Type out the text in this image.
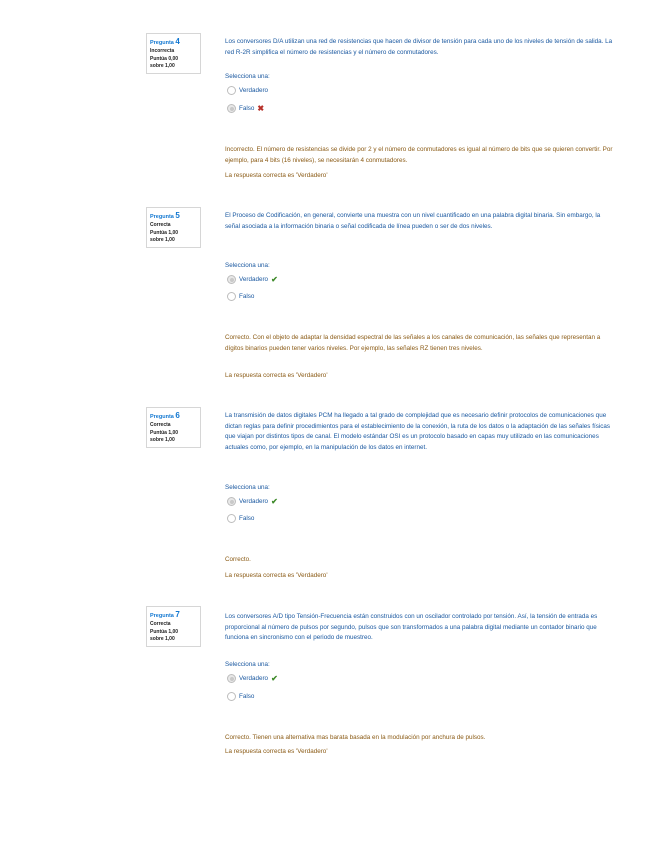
Pregunta 4
Incorrecta
Puntúa 0,00
sobre 1,00
Los conversores D/A utilizan una red de resistencias que hacen de divisor de tensión para cada uno de los niveles de tensión de salida. La red R-2R simplifica el número de resistencias y el número de conmutadores.
Selecciona una:
Verdadero
Falso ✖
Incorrecto. El número de resistencias se divide por 2 y el número de conmutadores es igual al número de bits que se quieren convertir. Por ejemplo, para 4 bits (16 niveles), se necesitarán 4 conmutadores.
La respuesta correcta es 'Verdadero'
Pregunta 5
Correcta
Puntúa 1,00
sobre 1,00
El Proceso de Codificación, en general, convierte una muestra con un nivel cuantificado en una palabra digital binaria. Sin embargo, la señal asociada a la información binaria o señal codificada de línea pueden o ser de dos niveles.
Selecciona una:
Verdadero ✔
Falso
Correcto. Con el objeto de adaptar la densidad espectral de las señales a los canales de comunicación, las señales que representan a dígitos binarios pueden tener varios niveles. Por ejemplo, las señales RZ tienen tres niveles.
La respuesta correcta es 'Verdadero'
Pregunta 6
Correcta
Puntúa 1,00
sobre 1,00
La transmisión de datos digitales PCM ha llegado a tal grado de complejidad que es necesario definir protocolos de comunicaciones que dictan reglas para definir procedimientos para el establecimiento de la conexión, la ruta de los datos o la adaptación de las señales físicas que viajan por distintos tipos de canal. El modelo estándar OSI es un protocolo basado en capas muy utilizado en las comunicaciones actuales como, por ejemplo, en la manipulación de los datos en internet.
Selecciona una:
Verdadero ✔
Falso
Correcto.
La respuesta correcta es 'Verdadero'
Pregunta 7
Correcta
Puntúa 1,00
sobre 1,00
Los conversores A/D tipo Tensión-Frecuencia están construidos con un oscilador controlado por tensión. Así, la tensión de entrada es proporcional al número de pulsos por segundo, pulsos que son transformados a una palabra digital mediante un contador binario que funciona en sincronismo con el periodo de muestreo.
Selecciona una:
Verdadero ✔
Falso
Correcto. Tienen una alternativa mas barata basada en la modulación por anchura de pulsos.
La respuesta correcta es 'Verdadero'
